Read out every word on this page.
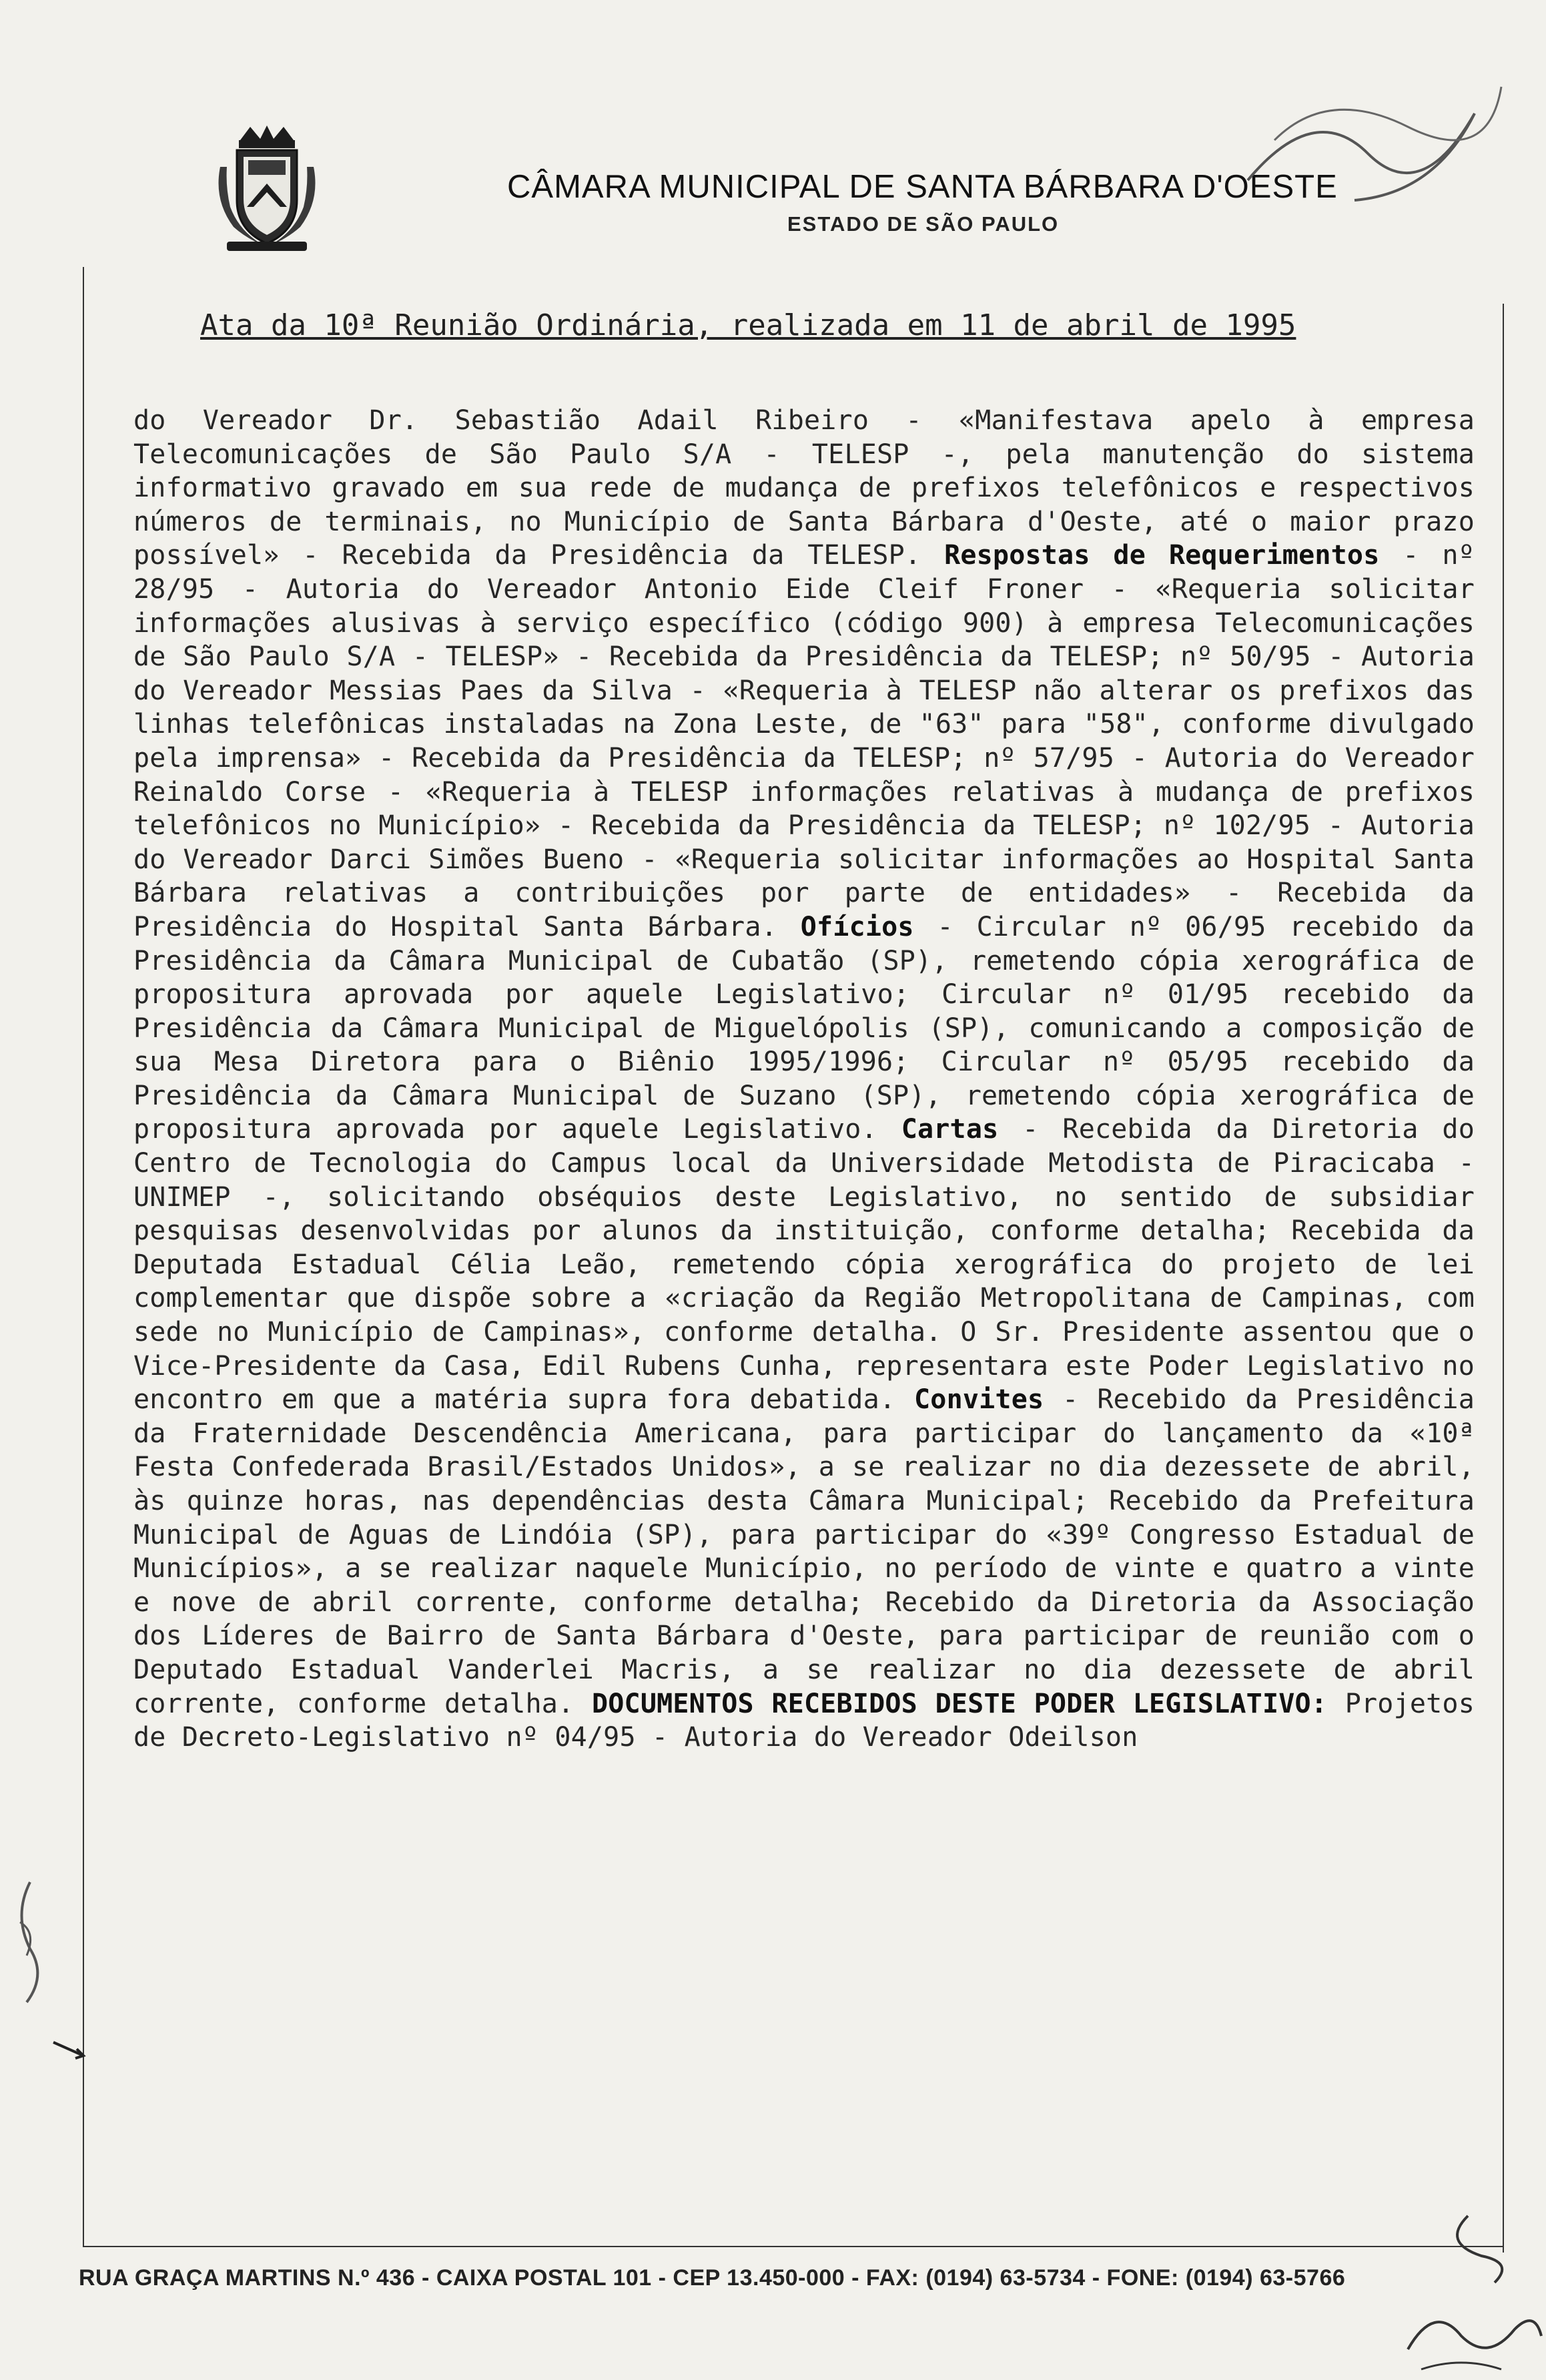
CÂMARA MUNICIPAL DE SANTA BÁRBARA D'OESTE
ESTADO DE SÃO PAULO
Ata da 10ª Reunião Ordinária, realizada em 11 de abril de 1995
do Vereador Dr. Sebastião Adail Ribeiro - «Manifestava apelo à empresa Telecomunicações de São Paulo S/A - TELESP -, pela manutenção do sistema informativo gravado em sua rede de mudança de prefixos telefônicos e respectivos números de terminais, no Município de Santa Bárbara d'Oeste, até o maior prazo possível» - Recebida da Presidência da TELESP. Respostas de Requerimentos - nº 28/95 - Autoria do Vereador Antonio Eide Cleif Froner - «Requeria solicitar informações alusivas à serviço específico (código 900) à empresa Telecomunicações de São Paulo S/A - TELESP» - Recebida da Presidência da TELESP; nº 50/95 - Autoria do Vereador Messias Paes da Silva - «Requeria à TELESP não alterar os prefixos das linhas telefônicas instaladas na Zona Leste, de "63" para "58", conforme divulgado pela imprensa» - Recebida da Presidência da TELESP; nº 57/95 - Autoria do Vereador Reinaldo Corse - «Requeria à TELESP informações relativas à mudança de prefixos telefônicos no Município» - Recebida da Presidência da TELESP; nº 102/95 - Autoria do Vereador Darci Simões Bueno - «Requeria solicitar informações ao Hospital Santa Bárbara relativas a contribuições por parte de entidades» - Recebida da Presidência do Hospital Santa Bárbara. Ofícios - Circular nº 06/95 recebido da Presidência da Câmara Municipal de Cubatão (SP), remetendo cópia xerográfica de propositura aprovada por aquele Legislativo; Circular nº 01/95 recebido da Presidência da Câmara Municipal de Miguelópolis (SP), comunicando a composição de sua Mesa Diretora para o Biênio 1995/1996; Circular nº 05/95 recebido da Presidência da Câmara Municipal de Suzano (SP), remetendo cópia xerográfica de propositura aprovada por aquele Legislativo. Cartas - Recebida da Diretoria do Centro de Tecnologia do Campus local da Universidade Metodista de Piracicaba - UNIMEP -, solicitando obséquios deste Legislativo, no sentido de subsidiar pesquisas desenvolvidas por alunos da instituição, conforme detalha; Recebida da Deputada Estadual Célia Leão, remetendo cópia xerográfica do projeto de lei complementar que dispõe sobre a «criação da Região Metropolitana de Campinas, com sede no Município de Campinas», conforme detalha. O Sr. Presidente assentou que o Vice-Presidente da Casa, Edil Rubens Cunha, representara este Poder Legislativo no encontro em que a matéria supra fora debatida. Convites - Recebido da Presidência da Fraternidade Descendência Americana, para participar do lançamento da «10ª Festa Confederada Brasil/Estados Unidos», a se realizar no dia dezessete de abril, às quinze horas, nas dependências desta Câmara Municipal; Recebido da Prefeitura Municipal de Aguas de Lindóia (SP), para participar do «39º Congresso Estadual de Municípios», a se realizar naquele Município, no período de vinte e quatro a vinte e nove de abril corrente, conforme detalha; Recebido da Diretoria da Associação dos Líderes de Bairro de Santa Bárbara d'Oeste, para participar de reunião com o Deputado Estadual Vanderlei Macris, a se realizar no dia dezessete de abril corrente, conforme detalha. DOCUMENTOS RECEBIDOS DESTE PODER LEGISLATIVO: Projetos de Decreto-Legislativo nº 04/95 - Autoria do Vereador Odeilson
RUA GRAÇA MARTINS N.º 436 - CAIXA POSTAL 101 - CEP 13.450-000 - FAX: (0194) 63-5734 - FONE: (0194) 63-5766
